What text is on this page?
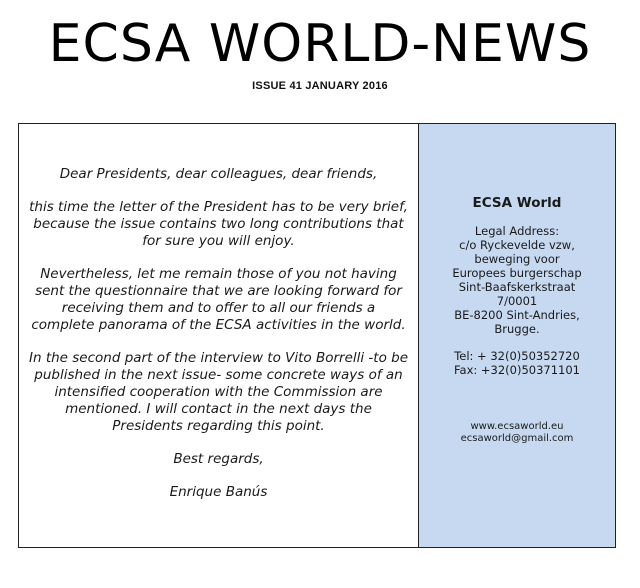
ECSA WORLD-NEWS
ISSUE 41 JANUARY 2016

Dear Presidents, dear colleagues, dear friends,

this time the letter of the President has to be very brief, because the issue contains two long contributions that for sure you will enjoy.

Nevertheless, let me remain those of you not having sent the questionnaire that we are looking forward for receiving them and to offer to all our friends a complete panorama of the ECSA activities in the world.

In the second part of the interview to Vito Borrelli -to be published in the next issue- some concrete ways of an intensified cooperation with the Commission are mentioned. I will contact in the next days the Presidents regarding this point.

Best regards,

Enrique Banús

ECSA World
Legal Address:
c/o Ryckevelde vzw,
beweging voor
Europees burgerschap
Sint-Baafskerkstraat
7/0001
BE-8200 Sint-Andries,
Brugge.
Tel: + 32(0)50352720
Fax: +32(0)50371101
www.ecsaworld.eu
ecsaworld@gmail.com
